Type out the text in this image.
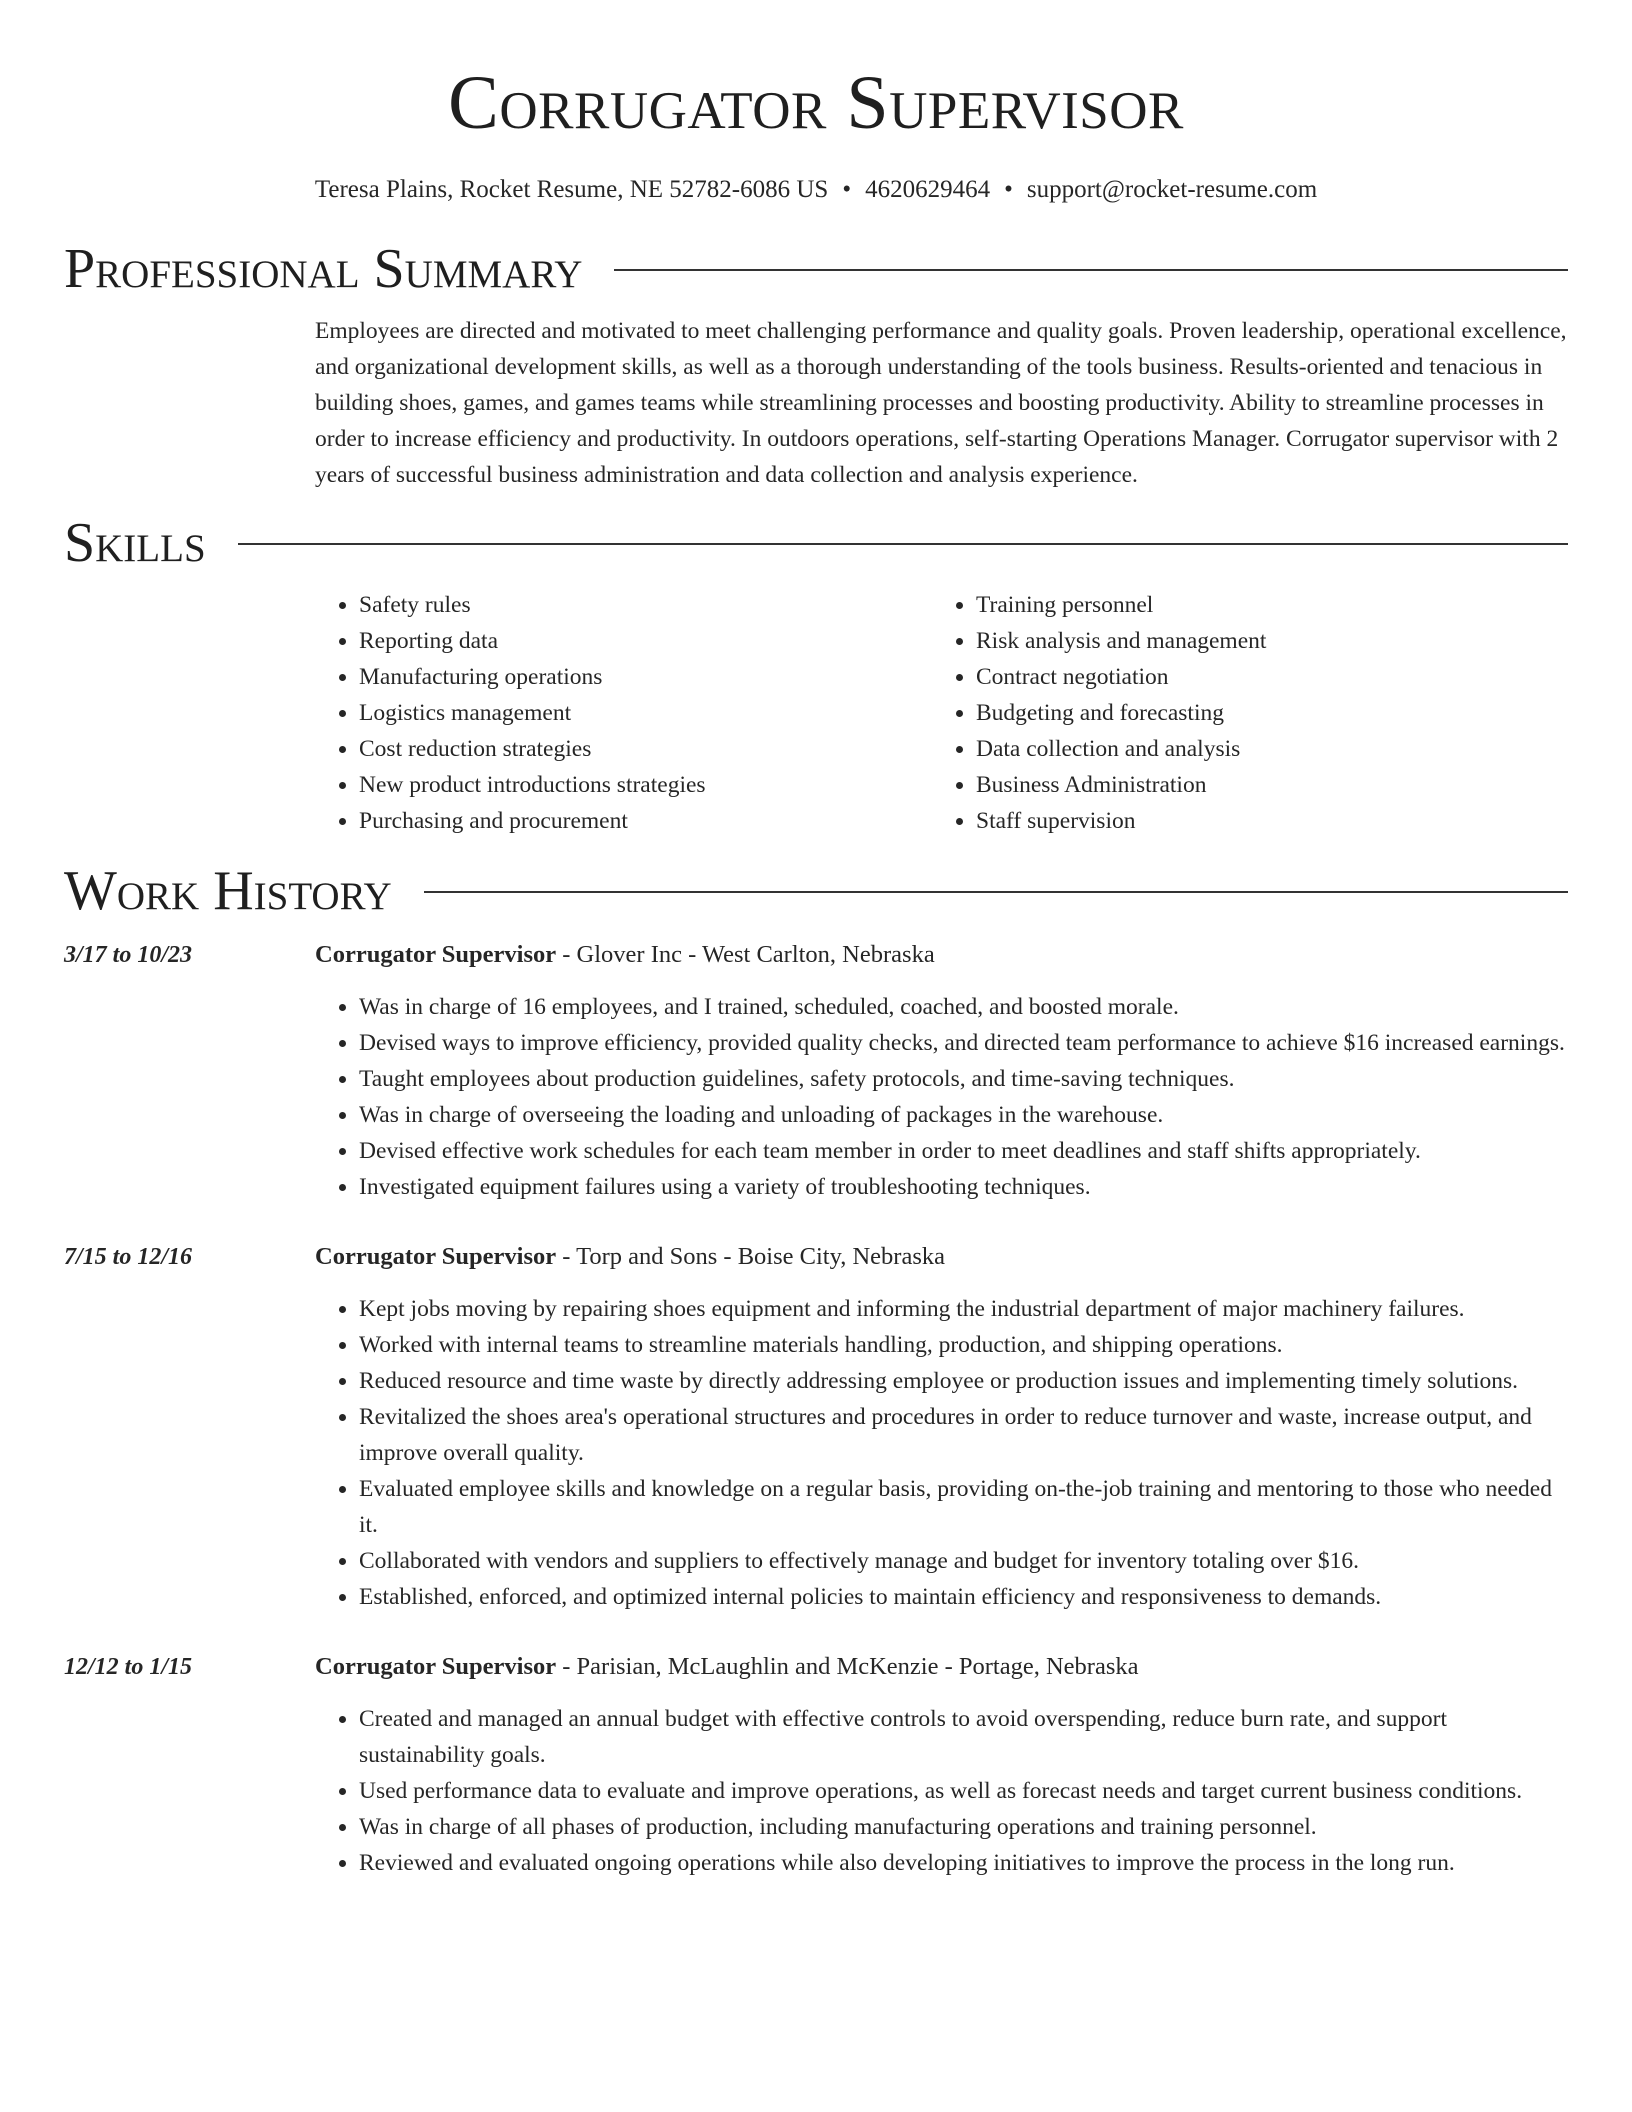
Corrugator Supervisor
Teresa Plains, Rocket Resume, NE 52782-6086 US • 4620629464 • support@rocket-resume.com
Professional Summary
Employees are directed and motivated to meet challenging performance and quality goals. Proven leadership, operational excellence, and organizational development skills, as well as a thorough understanding of the tools business. Results-oriented and tenacious in building shoes, games, and games teams while streamlining processes and boosting productivity. Ability to streamline processes in order to increase efficiency and productivity. In outdoors operations, self-starting Operations Manager. Corrugator supervisor with 2 years of successful business administration and data collection and analysis experience.
Skills
• Safety rules
• Reporting data
• Manufacturing operations
• Logistics management
• Cost reduction strategies
• New product introductions strategies
• Purchasing and procurement
• Training personnel
• Risk analysis and management
• Contract negotiation
• Budgeting and forecasting
• Data collection and analysis
• Business Administration
• Staff supervision
Work History
3/17 to 10/23	Corrugator Supervisor - Glover Inc - West Carlton, Nebraska
• Was in charge of 16 employees, and I trained, scheduled, coached, and boosted morale.
• Devised ways to improve efficiency, provided quality checks, and directed team performance to achieve $16 increased earnings.
• Taught employees about production guidelines, safety protocols, and time-saving techniques.
• Was in charge of overseeing the loading and unloading of packages in the warehouse.
• Devised effective work schedules for each team member in order to meet deadlines and staff shifts appropriately.
• Investigated equipment failures using a variety of troubleshooting techniques.
7/15 to 12/16	Corrugator Supervisor - Torp and Sons - Boise City, Nebraska
• Kept jobs moving by repairing shoes equipment and informing the industrial department of major machinery failures.
• Worked with internal teams to streamline materials handling, production, and shipping operations.
• Reduced resource and time waste by directly addressing employee or production issues and implementing timely solutions.
• Revitalized the shoes area's operational structures and procedures in order to reduce turnover and waste, increase output, and improve overall quality.
• Evaluated employee skills and knowledge on a regular basis, providing on-the-job training and mentoring to those who needed it.
• Collaborated with vendors and suppliers to effectively manage and budget for inventory totaling over $16.
• Established, enforced, and optimized internal policies to maintain efficiency and responsiveness to demands.
12/12 to 1/15	Corrugator Supervisor - Parisian, McLaughlin and McKenzie - Portage, Nebraska
• Created and managed an annual budget with effective controls to avoid overspending, reduce burn rate, and support sustainability goals.
• Used performance data to evaluate and improve operations, as well as forecast needs and target current business conditions.
• Was in charge of all phases of production, including manufacturing operations and training personnel.
• Reviewed and evaluated ongoing operations while also developing initiatives to improve the process in the long run.
